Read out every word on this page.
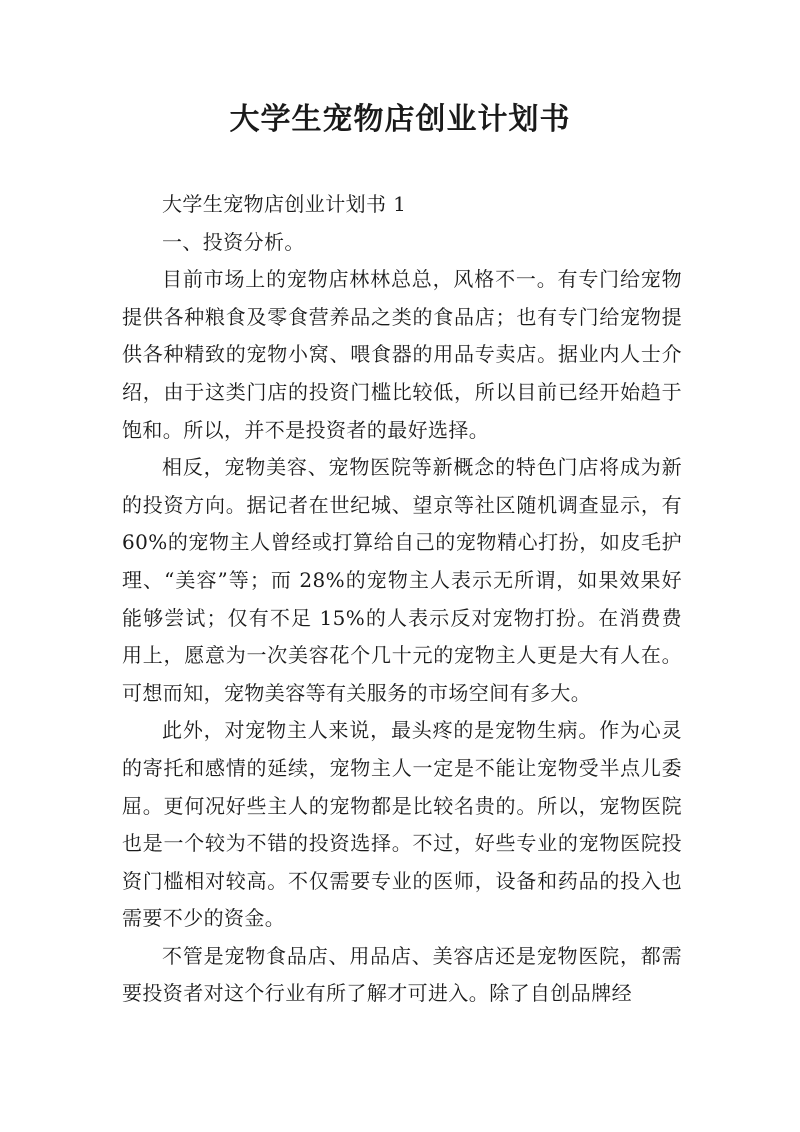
大学生宠物店创业计划书

大学生宠物店创业计划书 1

一、投资分析。

目前市场上的宠物店林林总总，风格不一。有专门给宠物提供各种粮食及零食营养品之类的食品店；也有专门给宠物提供各种精致的宠物小窝、喂食器的用品专卖店。据业内人士介绍，由于这类门店的投资门槛比较低，所以目前已经开始趋于饱和。所以，并不是投资者的最好选择。

相反，宠物美容、宠物医院等新概念的特色门店将成为新的投资方向。据记者在世纪城、望京等社区随机调查显示，有 60%的宠物主人曾经或打算给自己的宠物精心打扮，如皮毛护理、“美容”等；而 28%的宠物主人表示无所谓，如果效果好能够尝试；仅有不足 15%的人表示反对宠物打扮。在消费费用上，愿意为一次美容花个几十元的宠物主人更是大有人在。可想而知，宠物美容等有关服务的市场空间有多大。

此外，对宠物主人来说，最头疼的是宠物生病。作为心灵的寄托和感情的延续，宠物主人一定是不能让宠物受半点儿委屈。更何况好些主人的宠物都是比较名贵的。所以，宠物医院也是一个较为不错的投资选择。不过，好些专业的宠物医院投资门槛相对较高。不仅需要专业的医师，设备和药品的投入也需要不少的资金。

不管是宠物食品店、用品店、美容店还是宠物医院，都需要投资者对这个行业有所了解才可进入。除了自创品牌经
